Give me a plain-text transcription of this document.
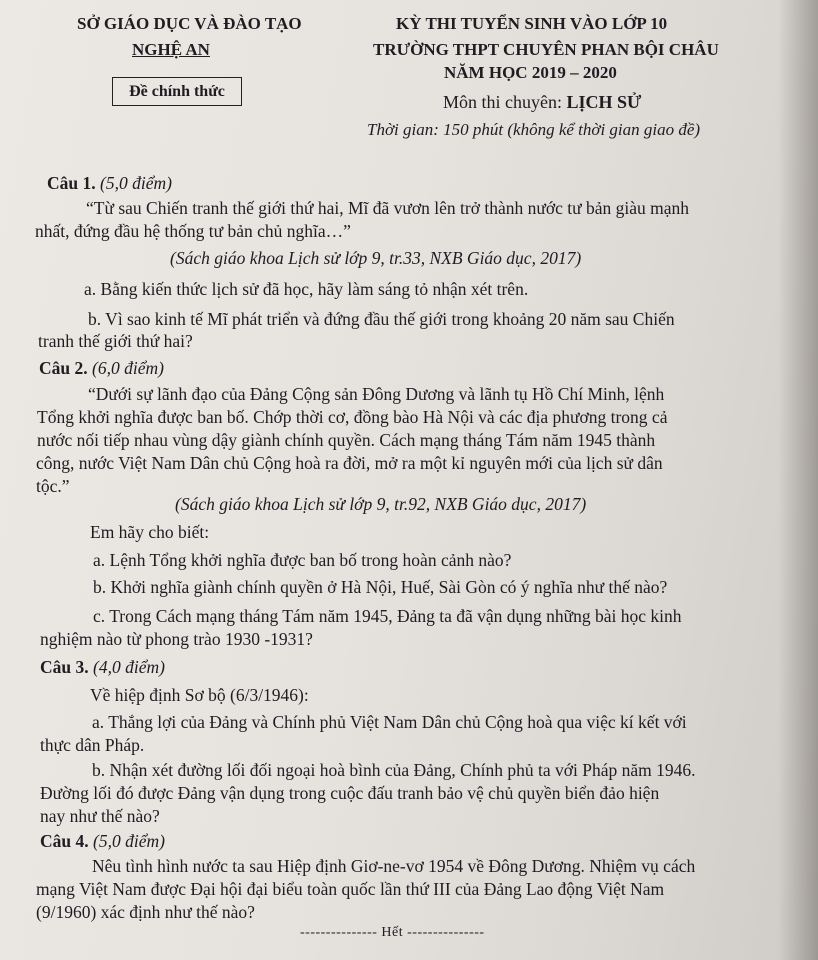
SỞ GIÁO DỤC VÀ ĐÀO TẠO
NGHỆ AN
Đề chính thức
KỲ THI TUYỂN SINH VÀO LỚP 10
TRƯỜNG THPT CHUYÊN PHAN BỘI CHÂU
NĂM HỌC 2019 – 2020
Môn thi chuyên: LỊCH SỬ
Thời gian: 150 phút (không kể thời gian giao đề)
Câu 1. (5,0 điểm)
“Từ sau Chiến tranh thế giới thứ hai, Mĩ đã vươn lên trở thành nước tư bản giàu mạnh
nhất, đứng đầu hệ thống tư bản chủ nghĩa…”
(Sách giáo khoa Lịch sử lớp 9, tr.33, NXB Giáo dục, 2017)
a. Bằng kiến thức lịch sử đã học, hãy làm sáng tỏ nhận xét trên.
b. Vì sao kinh tế Mĩ phát triển và đứng đầu thế giới trong khoảng 20 năm sau Chiến
tranh thế giới thứ hai?
Câu 2. (6,0 điểm)
“Dưới sự lãnh đạo của Đảng Cộng sản Đông Dương và lãnh tụ Hồ Chí Minh, lệnh
Tổng khởi nghĩa được ban bố. Chớp thời cơ, đồng bào Hà Nội và các địa phương trong cả
nước nối tiếp nhau vùng dậy giành chính quyền. Cách mạng tháng Tám năm 1945 thành
công, nước Việt Nam Dân chủ Cộng hoà ra đời, mở ra một kỉ nguyên mới của lịch sử dân
tộc.”
(Sách giáo khoa Lịch sử lớp 9, tr.92, NXB Giáo dục, 2017)
Em hãy cho biết:
a. Lệnh Tổng khởi nghĩa được ban bố trong hoàn cảnh nào?
b. Khởi nghĩa giành chính quyền ở Hà Nội, Huế, Sài Gòn có ý nghĩa như thế nào?
c. Trong Cách mạng tháng Tám năm 1945, Đảng ta đã vận dụng những bài học kinh
nghiệm nào từ phong trào 1930 -1931?
Câu 3. (4,0 điểm)
Về hiệp định Sơ bộ (6/3/1946):
a. Thắng lợi của Đảng và Chính phủ Việt Nam Dân chủ Cộng hoà qua việc kí kết với
thực dân Pháp.
b. Nhận xét đường lối đối ngoại hoà bình của Đảng, Chính phủ ta với Pháp năm 1946.
Đường lối đó được Đảng vận dụng trong cuộc đấu tranh bảo vệ chủ quyền biển đảo hiện
nay như thế nào?
Câu 4. (5,0 điểm)
Nêu tình hình nước ta sau Hiệp định Giơ-ne-vơ 1954 về Đông Dương. Nhiệm vụ cách
mạng Việt Nam được Đại hội đại biểu toàn quốc lần thứ III của Đảng Lao động Việt Nam
(9/1960) xác định như thế nào?
--------------- Hết ---------------
